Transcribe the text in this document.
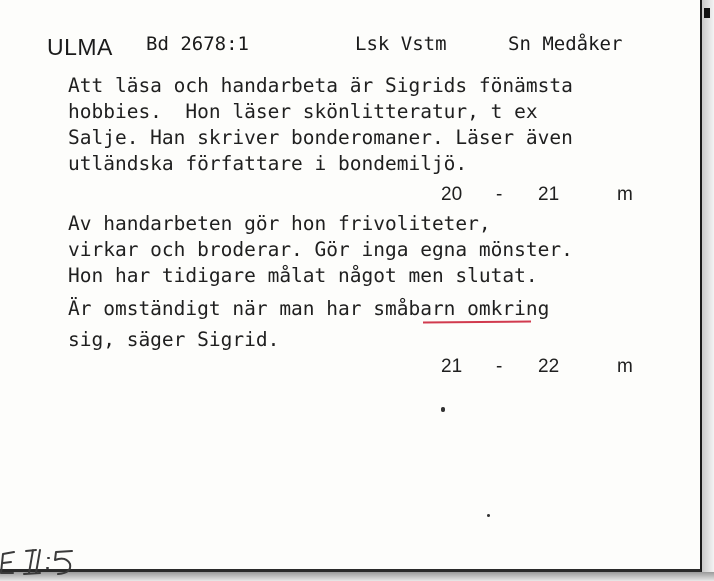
ULMA Bd 2678:1	Lsk Vstm	Sn Medåker
Att läsa och handarbeta är Sigrids fönämsta
hobbies.  Hon läser skönlitteratur, t ex
Salje. Han skriver bonderomaner. Läser även
utländska författare i bondemiljö.
20 - 21	m
Av handarbeten gör hon frivoliteter,
virkar och broderar. Gör inga egna mönster.
Hon har tidigare målat något men slutat.
Är omständigt när man har småbarn omkring
sig, säger Sigrid.
21 - 22	m
